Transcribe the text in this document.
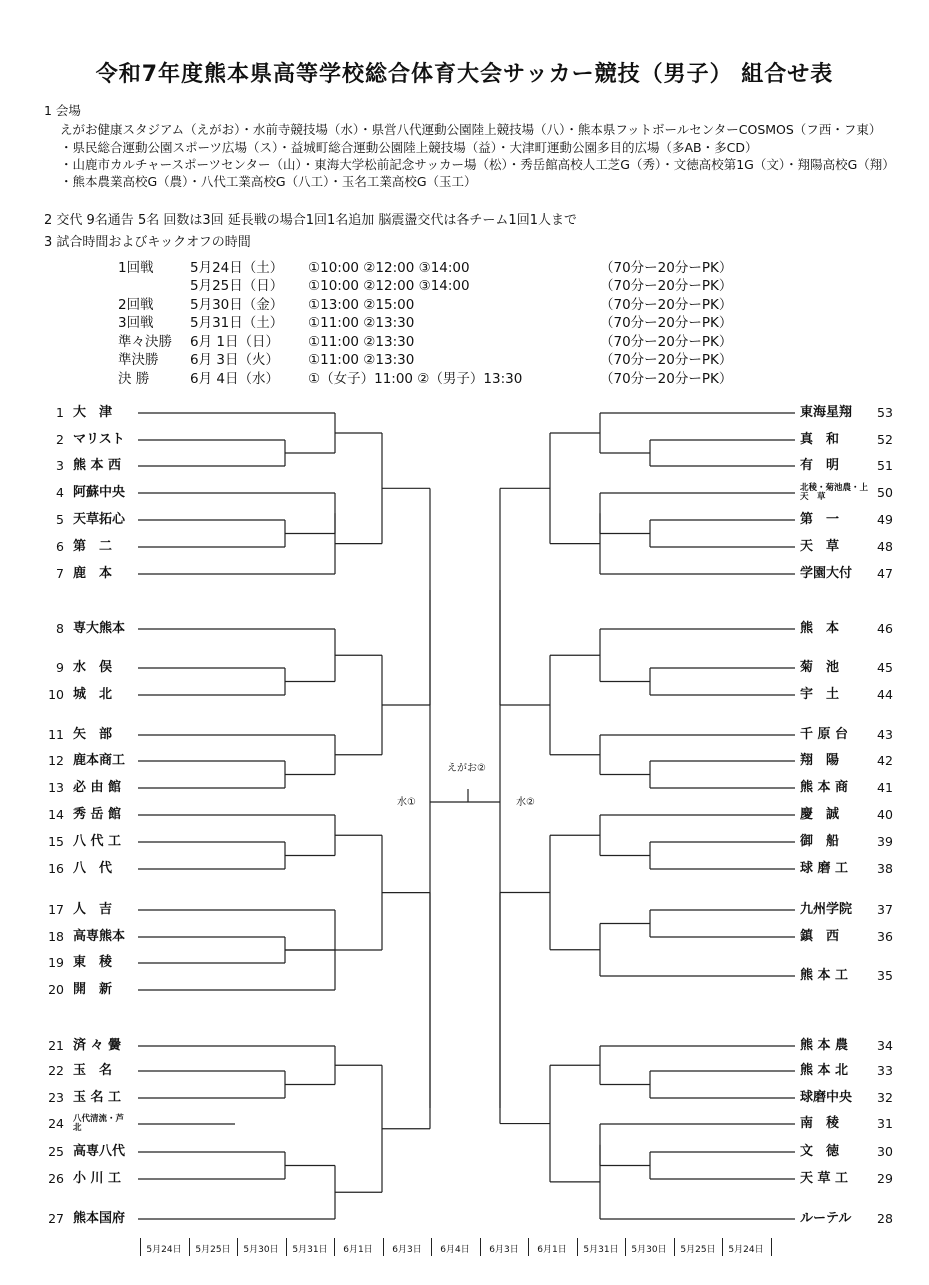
令和7年度熊本県高等学校総合体育大会サッカー競技（男子） 組合せ表
1 会場
えがお健康スタジアム（えがお）・水前寺競技場（水）・県営八代運動公園陸上競技場（八）・熊本県フットボールセンターCOSMOS（フ西・フ東）
・県民総合運動公園スポーツ広場（ス）・益城町総合運動公園陸上競技場（益）・大津町運動公園多目的広場（多AB・多CD）
・山鹿市カルチャースポーツセンター（山）・東海大学松前記念サッカー場（松）・秀岳館高校人工芝G（秀）・文徳高校第1G（文）・翔陽高校G（翔）
・熊本農業高校G（農）・八代工業高校G（八工）・玉名工業高校G（玉工）
2 交代 9名通告 5名 回数は3回 延長戦の場合1回1名追加 脳震盪交代は各チーム1回1人まで
3 試合時間およびキックオフの時間
1回戦	5月24日（土） ①10:00 ②12:00 ③14:00	（70分ー20分ーPK）
5月25日（日） ①10:00 ②12:00 ③14:00	（70分ー20分ーPK）
2回戦	5月30日（金） ①13:00 ②15:00	（70分ー20分ーPK）
3回戦	5月31日（土） ①11:00 ②13:30	（70分ー20分ーPK）
準々決勝 6月 1日（日） ①11:00 ②13:30	（70分ー20分ーPK）
準決勝 6月 3日（火） ①11:00 ②13:30	（70分ー20分ーPK）
決 勝	6月 4日（水） ①（女子）11:00 ②（男子）13:30	（70分ー20分ーPK）
1 大　津
2 マリスト
3 熊 本 西
4 阿蘇中央
5 天草拓心
6 第　二
7 鹿　本
8 専大熊本
9 水　俣
10 城　北
11 矢　部
12 鹿本商工
13 必 由 館
14 秀 岳 館
15 八 代 工
16 八　代
17 人　吉
18 高専熊本
19 東　稜
20 開　新
21 済 々 黌
22 玉　名
23 玉 名 工
24 八代清流・芦　北
25 高専八代
26 小 川 工
27 熊本国府
53
東海星翔
52
真　和
51
有　明
50
北稜・菊池農・上　天　草
49
第　一
48
天　草
47
学園大付
46
熊　本
45
菊　池
44
宇　土
43
千 原 台
42
翔　陽
41
熊 本 商
40
慶　誠
39
御　船
38
球 磨 工
37
九州学院
36
鎮　西
35
熊 本 工
34
熊 本 農
33
熊 本 北
32
球磨中央
31
南　稜
30
文　徳
29
天 草 工
28
ルーテル
えがお②
水①	水②
5月24日	5月25日	5月30日	5月31日	6月1日	6月3日	6月4日	6月3日	6月1日	5月31日	5月30日	5月25日	5月24日
